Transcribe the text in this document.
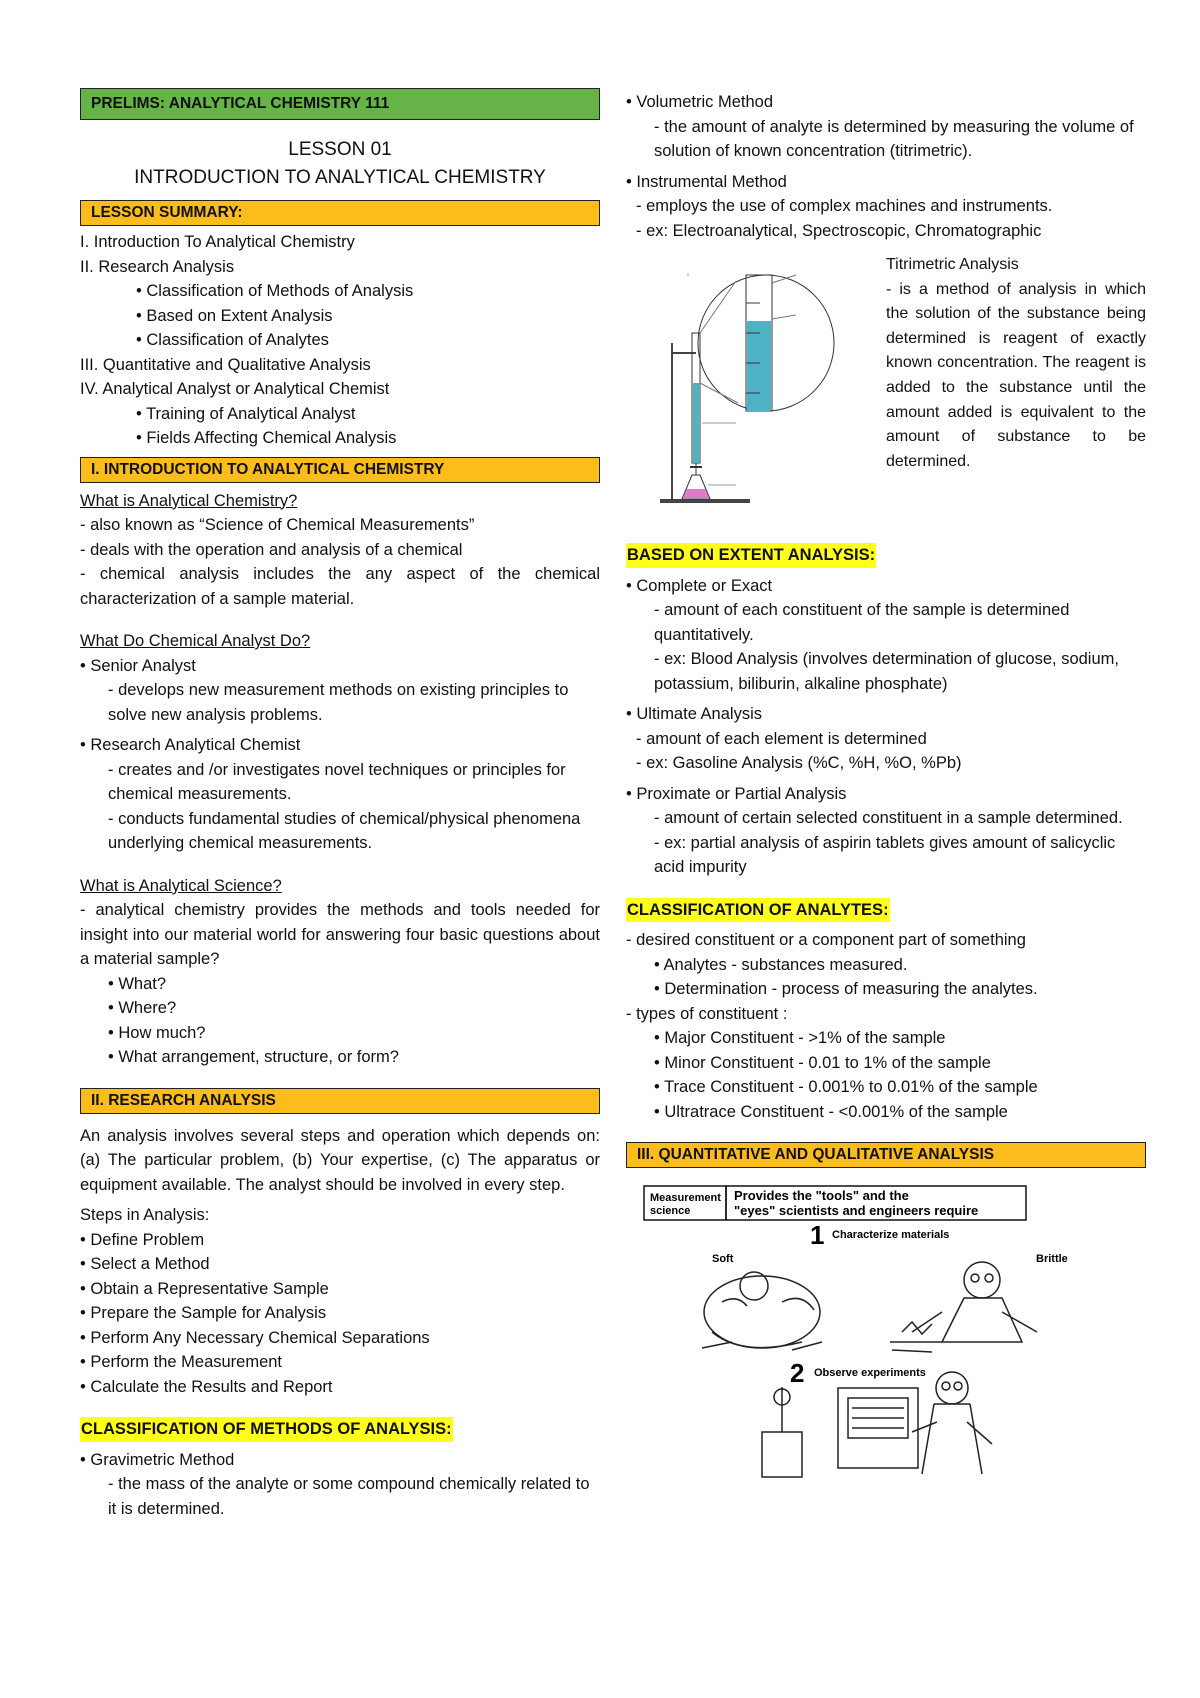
PRELIMS: ANALYTICAL CHEMISTRY 111
LESSON 01
INTRODUCTION TO ANALYTICAL CHEMISTRY
LESSON SUMMARY:

I. Introduction To Analytical Chemistry

II. Research Analysis

• Classification of Methods of Analysis

• Based on Extent Analysis

• Classification of Analytes

III. Quantitative and Qualitative Analysis

IV. Analytical Analyst or Analytical Chemist

• Training of Analytical Analyst

• Fields Affecting Chemical Analysis

I. INTRODUCTION TO ANALYTICAL CHEMISTRY

What is Analytical Chemistry?

- also known as “Science of Chemical Measurements”

- deals with the operation and analysis of a chemical

- chemical analysis includes the any aspect of the chemical characterization of a sample material.

What Do Chemical Analyst Do?

• Senior Analyst

- develops new measurement methods on existing principles to solve new analysis problems.

• Research Analytical Chemist

- creates and /or investigates novel techniques or principles for chemical measurements.

- conducts fundamental studies of chemical/physical phenomena underlying chemical measurements.

What is Analytical Science?

- analytical chemistry provides the methods and tools needed for insight into our material world for answering four basic questions about a material sample?

• What?

• Where?

• How much?

• What arrangement, structure, or form?

II. RESEARCH ANALYSIS

An analysis involves several steps and operation which depends on: (a) The particular problem, (b) Your expertise, (c) The apparatus or equipment available. The analyst should be involved in every step.

Steps in Analysis:

• Define Problem

• Select a Method

• Obtain a Representative Sample

• Prepare the Sample for Analysis

• Perform Any Necessary Chemical Separations

• Perform the Measurement

• Calculate the Results and Report

CLASSIFICATION OF METHODS OF ANALYSIS:

• Gravimetric Method

- the mass of the analyte or some compound chemically related to it is determined.

• Volumetric Method

- the amount of analyte is determined by measuring the volume of solution of known concentration (titrimetric).

• Instrumental Method

- employs the use of complex machines and instruments.

- ex: Electroanalytical, Spectroscopic, Chromatographic

Titrimetric Analysis

- is a method of analysis in which the solution of the substance being determined is reagent of exactly known concentration. The reagent is added to the substance until the amount added is equivalent to the amount of substance to be determined.

BASED ON EXTENT ANALYSIS:

• Complete or Exact

- amount of each constituent of the sample is determined quantitatively.

- ex: Blood Analysis (involves determination of glucose, sodium, potassium, biliburin, alkaline phosphate)

• Ultimate Analysis

- amount of each element is determined

- ex: Gasoline Analysis (%C, %H, %O, %Pb)

• Proximate or Partial Analysis

- amount of certain selected constituent in a sample determined.

- ex: partial analysis of aspirin tablets gives amount of salicyclic acid impurity

CLASSIFICATION OF ANALYTES:

- desired constituent or a component part of something

• Analytes - substances measured.

• Determination - process of measuring the analytes.

- types of constituent :

• Major Constituent - >1% of the sample

• Minor Constituent - 0.01 to 1% of the sample

• Trace Constituent - 0.001% to 0.01% of the sample

• Ultratrace Constituent - <0.001% of the sample

III. QUANTITATIVE AND QUALITATIVE ANALYSIS
Measurement
science
Provides the "tools" and the
"eyes" scientists and engineers require
1 Characterize materials
Soft	Brittle
2 Observe experiments
